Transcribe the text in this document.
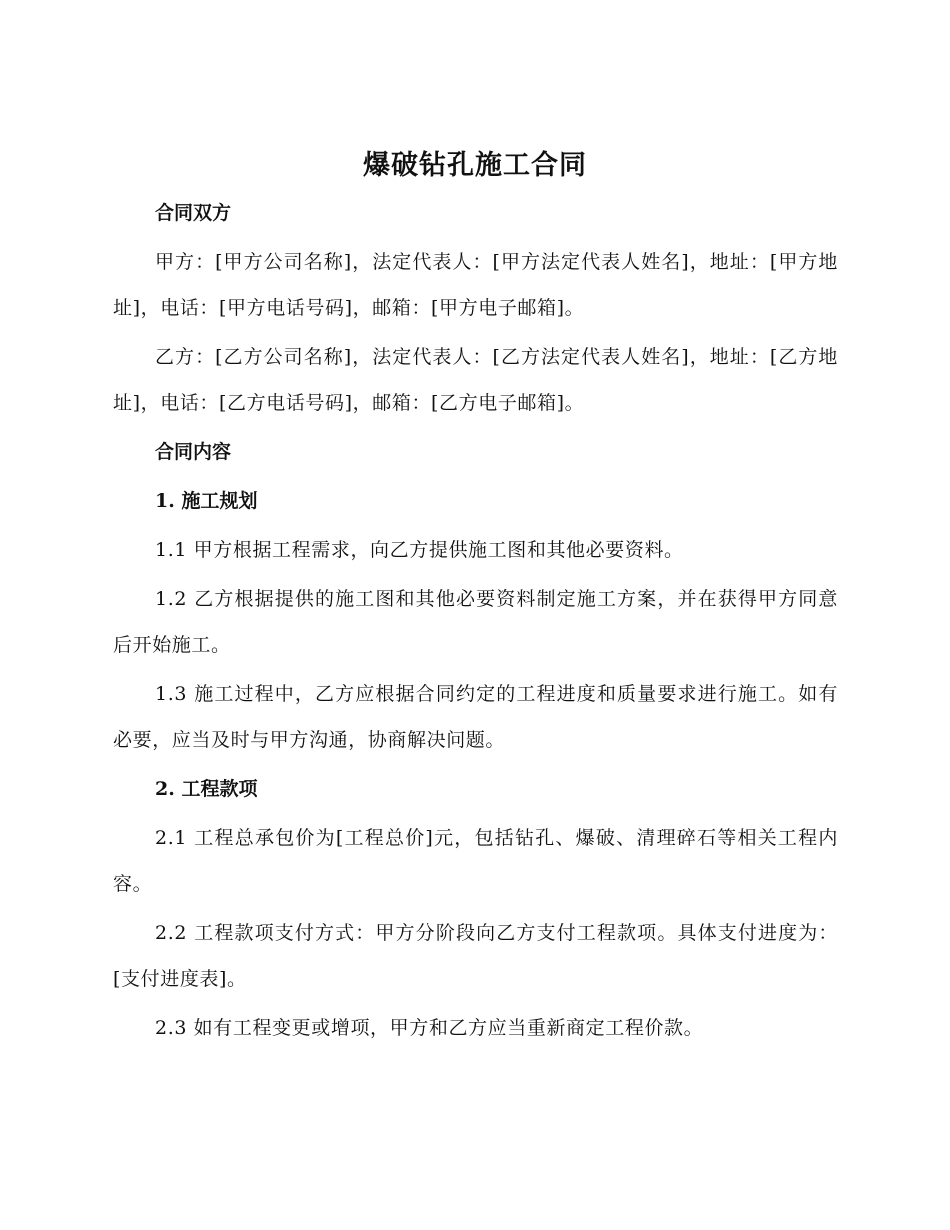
爆破钻孔施工合同

合同双方

甲方：[甲方公司名称]，法定代表人：[甲方法定代表人姓名]，地址：[甲方地址]，电话：[甲方电话号码]，邮箱：[甲方电子邮箱]。

乙方：[乙方公司名称]，法定代表人：[乙方法定代表人姓名]，地址：[乙方地址]，电话：[乙方电话号码]，邮箱：[乙方电子邮箱]。

合同内容

1. 施工规划

1.1 甲方根据工程需求，向乙方提供施工图和其他必要资料。

1.2 乙方根据提供的施工图和其他必要资料制定施工方案，并在获得甲方同意后开始施工。

1.3 施工过程中，乙方应根据合同约定的工程进度和质量要求进行施工。如有必要，应当及时与甲方沟通，协商解决问题。

2. 工程款项

2.1 工程总承包价为[工程总价]元，包括钻孔、爆破、清理碎石等相关工程内容。

2.2 工程款项支付方式：甲方分阶段向乙方支付工程款项。具体支付进度为：[支付进度表]。

2.3 如有工程变更或增项，甲方和乙方应当重新商定工程价款。
